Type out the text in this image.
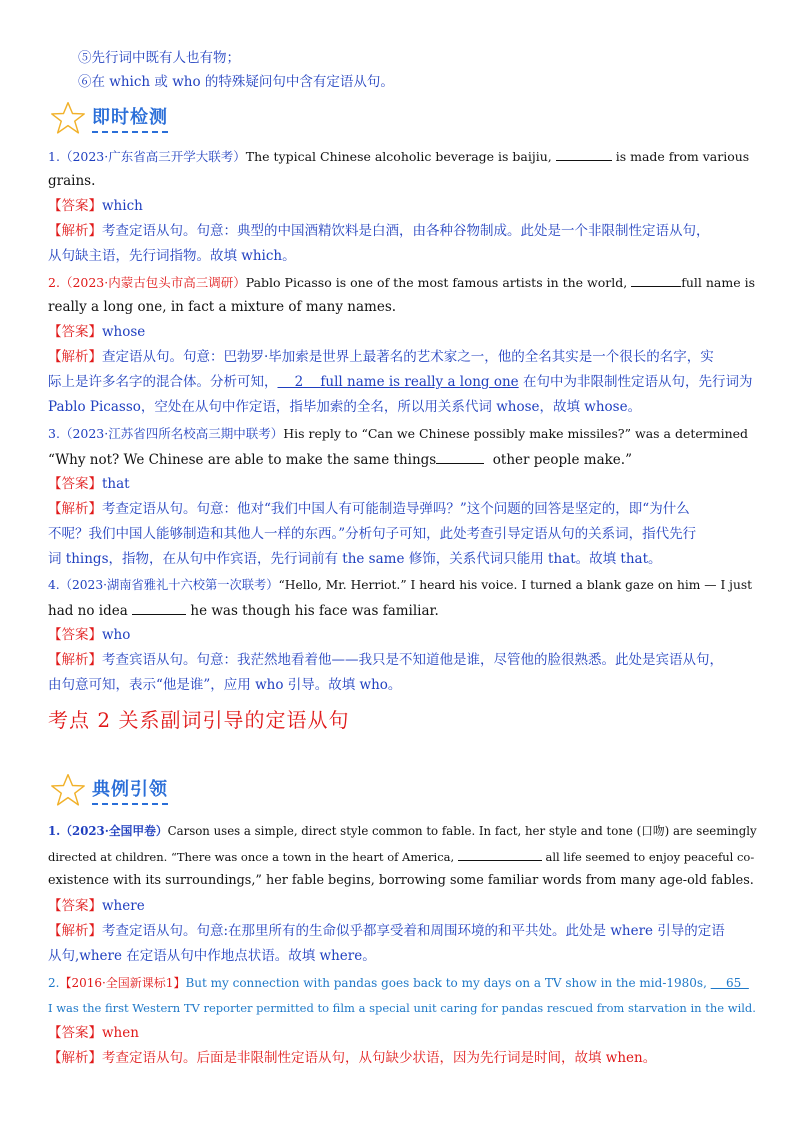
⑤先行词中既有人也有物；
⑥在 which 或 who 的特殊疑问句中含有定语从句。
即时检测
1.（2023·广东省高三开学大联考）The typical Chinese alcoholic beverage is baijiu,	is made from various
grains.
【答案】which
【解析】考查定语从句。句意：典型的中国酒精饮料是白酒，由各种谷物制成。此处是一个非限制性定语从句，
从句缺主语，先行词指物。故填 which。
2.（2023·内蒙古包头市高三调研）Pablo Picasso is one of the most famous artists in the world,	full name is
really a long one, in fact a mixture of many names.
【答案】whose
【解析】查定语从句。句意：巴勃罗·毕加索是世界上最著名的艺术家之一，他的全名其实是一个很长的名字，实
际上是许多名字的混合体。分析可知，    2    full name is really a long one 在句中为非限制性定语从句，先行词为
Pablo Picasso，空处在从句中作定语，指毕加索的全名，所以用关系代词 whose，故填 whose。
3.（2023·江苏省四所名校高三期中联考）His reply to “Can we Chinese possibly make missiles?” was a determined
“Why not? We Chinese are able to make the same things	other people make.”
【答案】that
【解析】考查定语从句。句意：他对“我们中国人有可能制造导弹吗？”这个问题的回答是坚定的，即“为什么
不呢？我们中国人能够制造和其他人一样的东西。”分析句子可知，此处考查引导定语从句的关系词，指代先行
词 things，指物，在从句中作宾语，先行词前有 the same 修饰，关系代词只能用 that。故填 that。
4.（2023·湖南省雅礼十六校第一次联考）“Hello, Mr. Herriot.” I heard his voice. I turned a blank gaze on him — I just
had no idea	he was though his face was familiar.
【答案】who
【解析】考查宾语从句。句意：我茫然地看着他——我只是不知道他是谁，尽管他的脸很熟悉。此处是宾语从句，
由句意可知，表示“他是谁”，应用 who 引导。故填 who。
考点 2 关系副词引导的定语从句
典例引领
1.（2023·全国甲卷）Carson uses a simple, direct style common to fable. In fact, her style and tone (口吻) are seemingly
directed at children. “There was once a town in the heart of America,	all life seemed to enjoy peaceful co-
existence with its surroundings,” her fable begins, borrowing some familiar words from many age-old fables.
【答案】where
【解析】考查定语从句。句意:在那里所有的生命似乎都享受着和周围环境的和平共处。此处是 where 引导的定语
从句,where 在定语从句中作地点状语。故填 where。
2.【2016·全国新课标1】But my connection with pandas goes back to my days on a TV show in the mid-1980s,     65
I was the first Western TV reporter permitted to film a special unit caring for pandas rescued from starvation in the wild.
【答案】when
【解析】考查定语从句。后面是非限制性定语从句，从句缺少状语，因为先行词是时间，故填 when。
